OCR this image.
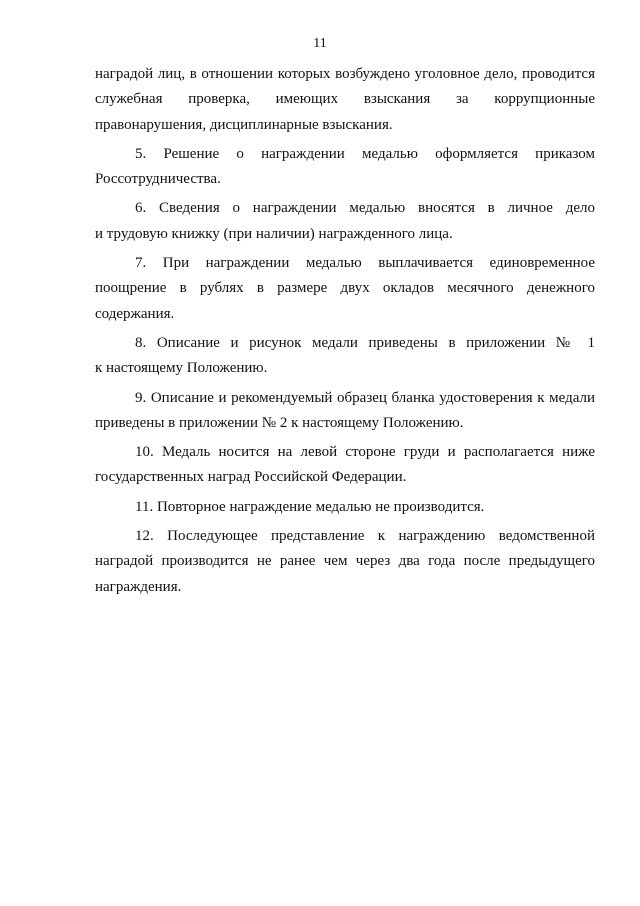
11

наградой лиц, в отношении которых возбуждено уголовное дело, проводится
служебная проверка, имеющих взыскания за коррупционные
правонарушения, дисциплинарные взыскания.

5. Решение о награждении медалью оформляется приказом
Россотрудничества.

6. Сведения о награждении медалью вносятся в личное дело
и трудовую книжку (при наличии) награжденного лица.

7. При награждении медалью выплачивается единовременное
поощрение в рублях в размере двух окладов месячного денежного
содержания.

8. Описание и рисунок медали приведены в приложении № 1
к настоящему Положению.

9. Описание и рекомендуемый образец бланка удостоверения к медали
приведены в приложении № 2 к настоящему Положению.

10. Медаль носится на левой стороне груди и располагается ниже
государственных наград Российской Федерации.

11. Повторное награждение медалью не производится.

12. Последующее представление к награждению ведомственной
наградой производится не ранее чем через два года после предыдущего
награждения.
